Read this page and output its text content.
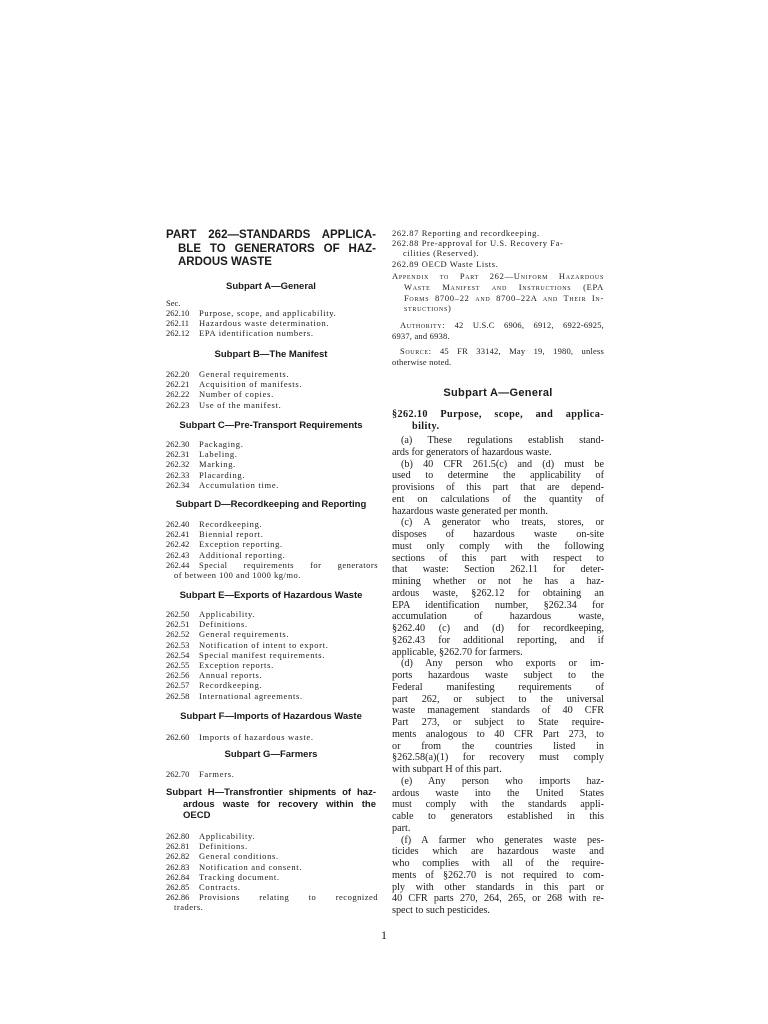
PART 262—STANDARDS APPLICA-
BLE TO GENERATORS OF HAZ-
ARDOUS WASTE
Subpart A—General
Sec.
262.10 Purpose, scope, and applicability.
262.11 Hazardous waste determination.
262.12 EPA identification numbers.
Subpart B—The Manifest
262.20 General requirements.
262.21 Acquisition of manifests.
262.22 Number of copies.
262.23 Use of the manifest.
Subpart C—Pre-Transport Requirements
262.30 Packaging.
262.31 Labeling.
262.32 Marking.
262.33 Placarding.
262.34 Accumulation time.
Subpart D—Recordkeeping and Reporting
262.40 Recordkeeping.
262.41 Biennial report.
262.42 Exception reporting.
262.43 Additional reporting.
262.44 Special requirements for generators
of between 100 and 1000 kg/mo.
Subpart E—Exports of Hazardous Waste
262.50 Applicability.
262.51 Definitions.
262.52 General requirements.
262.53 Notification of intent to export.
262.54 Special manifest requirements.
262.55 Exception reports.
262.56 Annual reports.
262.57 Recordkeeping.
262.58 International agreements.
Subpart F—Imports of Hazardous Waste
262.60 Imports of hazardous waste.
Subpart G—Farmers
262.70 Farmers.
Subpart H—Transfrontier shipments of haz-
ardous waste for recovery within the
OECD
262.80 Applicability.
262.81 Definitions.
262.82 General conditions.
262.83 Notification and consent.
262.84 Tracking document.
262.85 Contracts.
262.86 Provisions relating to recognized
traders.
262.87 Reporting and recordkeeping.
262.88 Pre-approval for U.S. Recovery Fa-
cilities (Reserved).
262.89 OECD Waste Lists.
Appendix to Part 262—Uniform Hazardous
Waste Manifest and Instructions (EPA
Forms 8700–22 and 8700–22A and Their In-
structions)
Authority: 42 U.S.C 6906, 6912, 6922-6925,
6937, and 6938.
Source: 45 FR 33142, May 19, 1980, unless
otherwise noted.
Subpart A—General
§262.10 Purpose, scope, and applica-
bility.
(a) These regulations establish stand-
ards for generators of hazardous waste.
(b) 40 CFR 261.5(c) and (d) must be
used to determine the applicability of
provisions of this part that are depend-
ent on calculations of the quantity of
hazardous waste generated per month.
(c) A generator who treats, stores, or
disposes of hazardous waste on-site
must only comply with the following
sections of this part with respect to
that waste: Section 262.11 for deter-
mining whether or not he has a haz-
ardous waste, §262.12 for obtaining an
EPA identification number, §262.34 for
accumulation of hazardous waste,
§262.40 (c) and (d) for recordkeeping,
§262.43 for additional reporting, and if
applicable, §262.70 for farmers.
(d) Any person who exports or im-
ports hazardous waste subject to the
Federal manifesting requirements of
part 262, or subject to the universal
waste management standards of 40 CFR
Part 273, or subject to State require-
ments analogous to 40 CFR Part 273, to
or from the countries listed in
§262.58(a)(1) for recovery must comply
with subpart H of this part.
(e) Any person who imports haz-
ardous waste into the United States
must comply with the standards appli-
cable to generators established in this
part.
(f) A farmer who generates waste pes-
ticides which are hazardous waste and
who complies with all of the require-
ments of §262.70 is not required to com-
ply with other standards in this part or
40 CFR parts 270, 264, 265, or 268 with re-
spect to such pesticides.
1
